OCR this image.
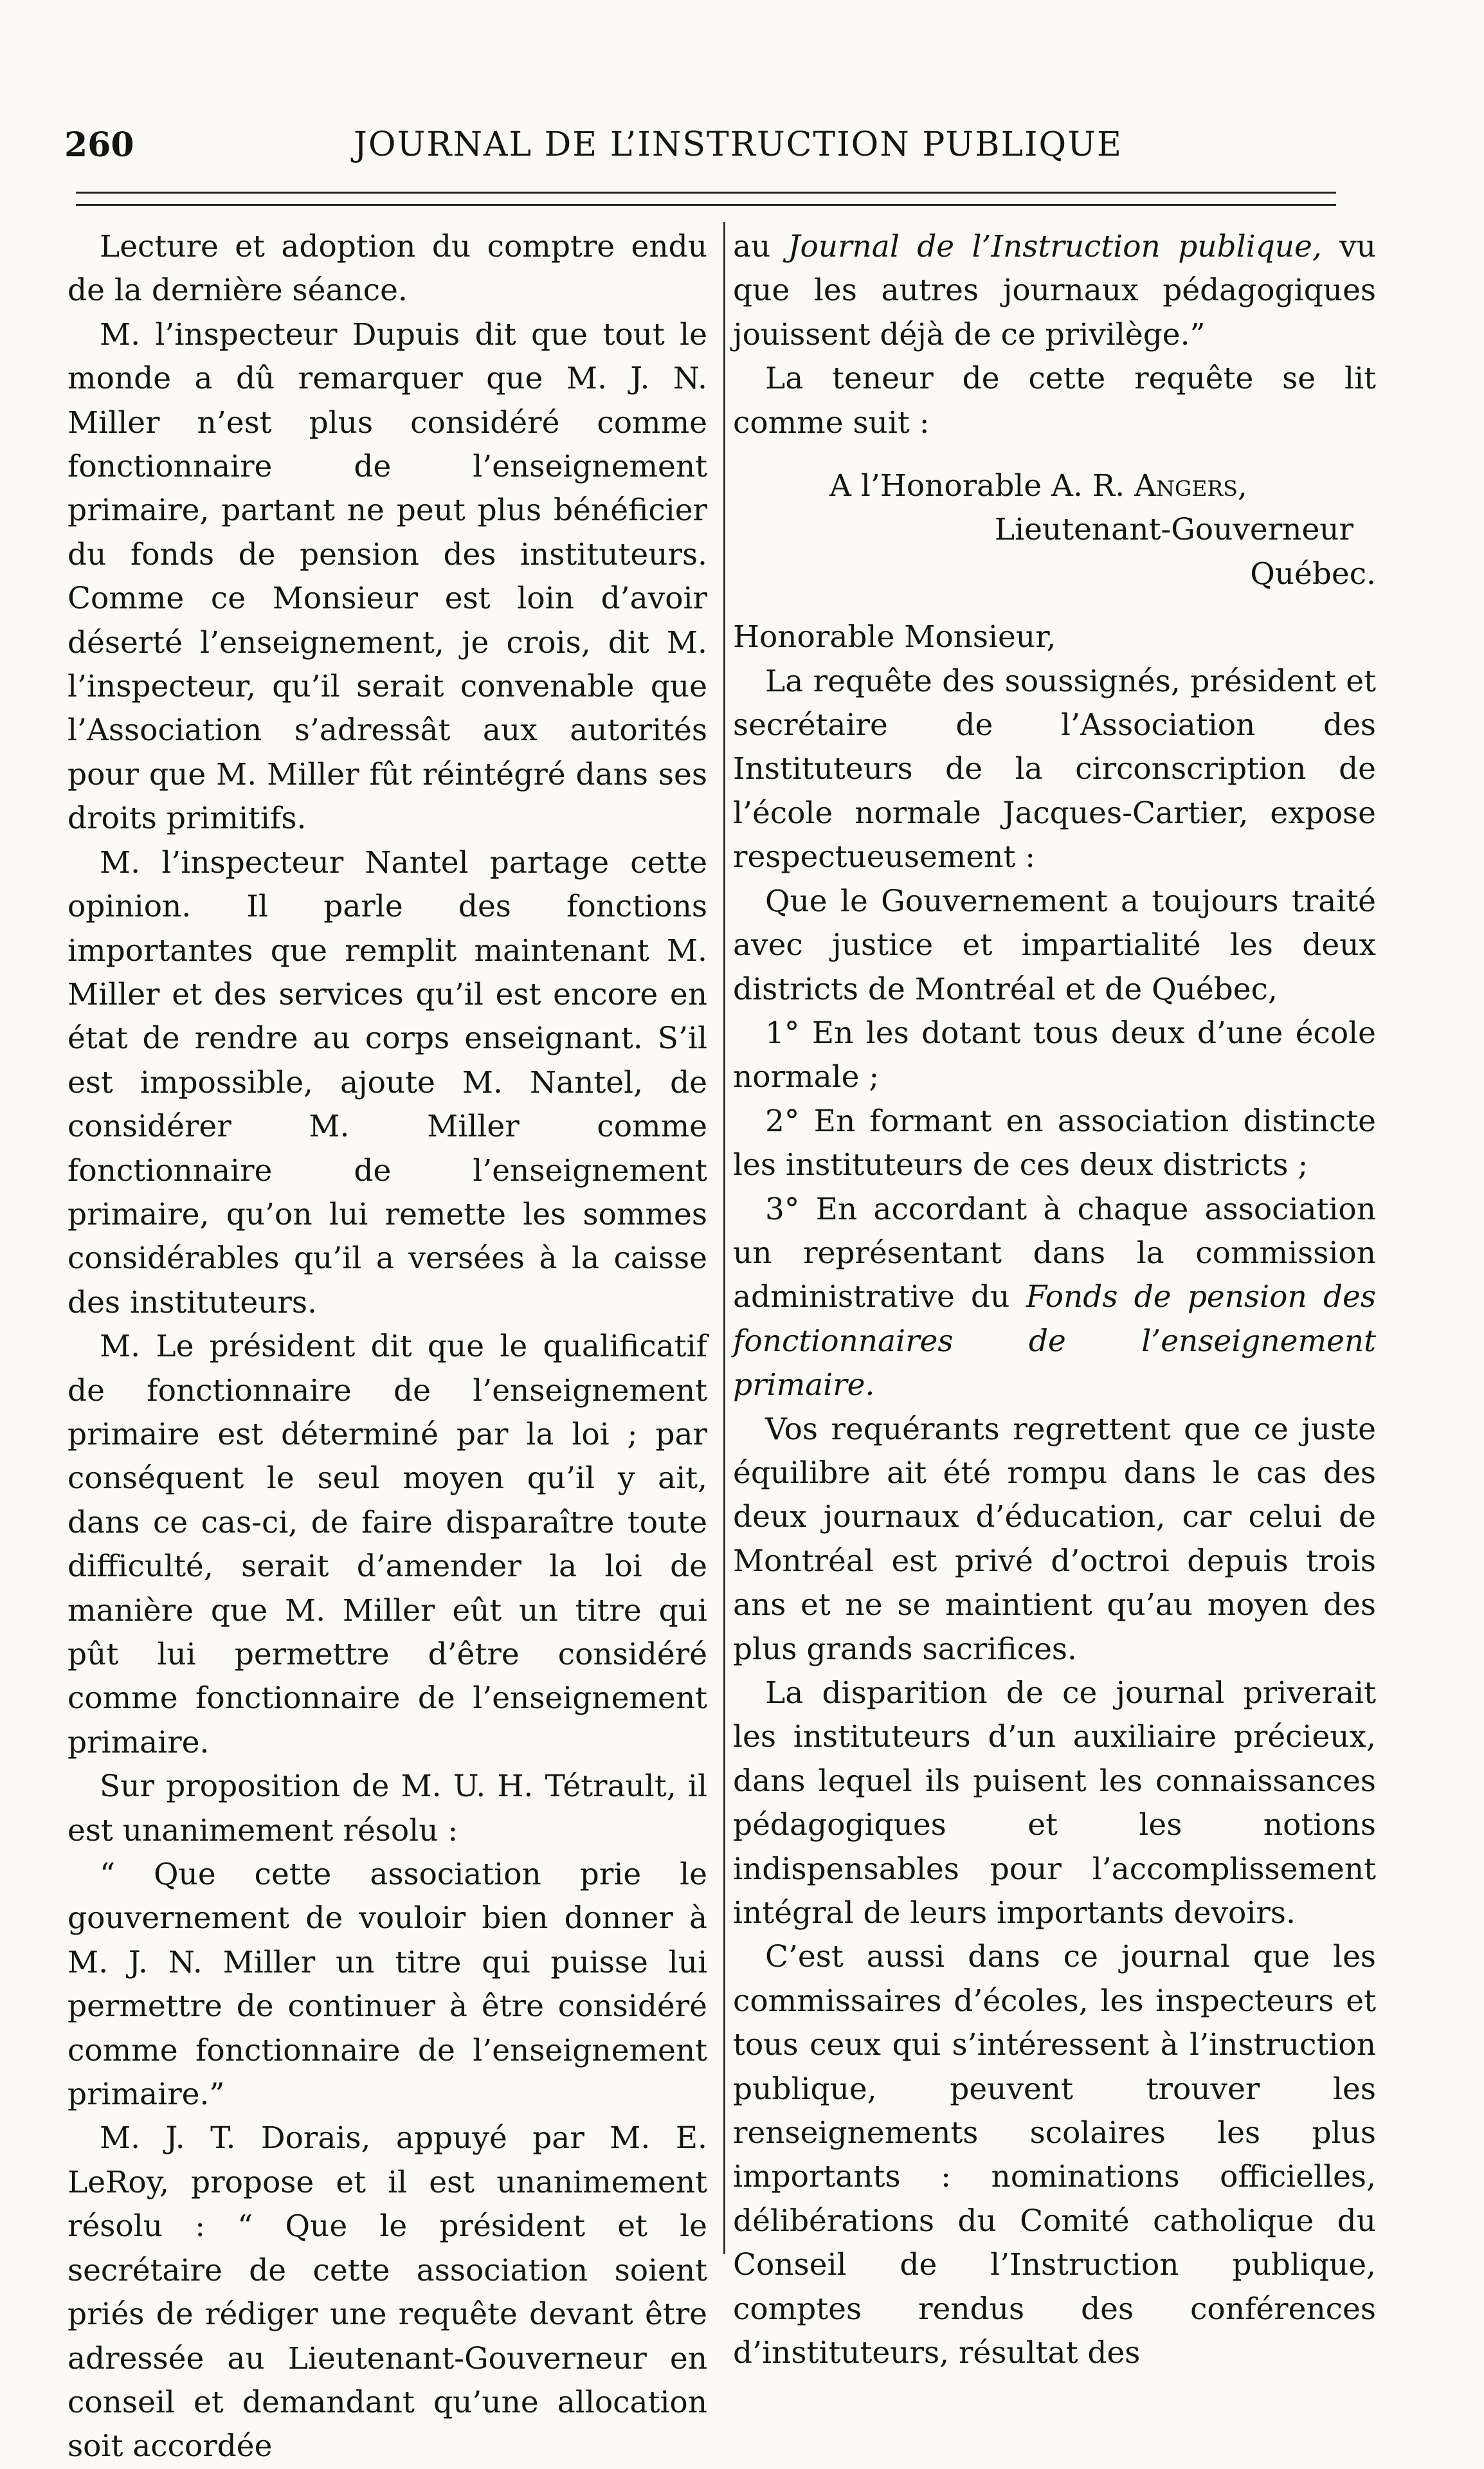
260	JOURNAL DE L’INSTRUCTION PUBLIQUE

Lecture et adoption du comptre endu de la dernière séance.

M. l’inspecteur Dupuis dit que tout le monde a dû remarquer que M. J. N. Miller n’est plus considéré comme fonctionnaire de l’enseignement primaire, partant ne peut plus bénéficier du fonds de pension des instituteurs. Comme ce Monsieur est loin d’avoir déserté l’enseignement, je crois, dit M. l’inspecteur, qu’il serait convenable que l’Association s’adressât aux autorités pour que M. Miller fût réintégré dans ses droits primitifs.

M. l’inspecteur Nantel partage cette opinion. Il parle des fonctions importantes que remplit maintenant M. Miller et des services qu’il est encore en état de rendre au corps enseignant. S’il est impossible, ajoute M. Nantel, de considérer M. Miller comme fonctionnaire de l’enseignement primaire, qu’on lui remette les sommes considérables qu’il a versées à la caisse des instituteurs.

M. Le président dit que le qualificatif de fonctionnaire de l’enseignement primaire est déterminé par la loi ; par conséquent le seul moyen qu’il y ait, dans ce cas-ci, de faire disparaître toute difficulté, serait d’amender la loi de manière que M. Miller eût un titre qui pût lui permettre d’être considéré comme fonctionnaire de l’enseignement primaire.

Sur proposition de M. U. H. Tétrault, il est unanimement résolu :

“ Que cette association prie le gouvernement de vouloir bien donner à M. J. N. Miller un titre qui puisse lui permettre de continuer à être considéré comme fonctionnaire de l’enseignement primaire.”

M. J. T. Dorais, appuyé par M. E. LeRoy, propose et il est unanimement résolu : “ Que le président et le secrétaire de cette association soient priés de rédiger une requête devant être adressée au Lieutenant-Gouverneur en conseil et demandant qu’une allocation soit accordée

au Journal de l’Instruction publique, vu que les autres journaux pédagogiques jouissent déjà de ce privilège.”

La teneur de cette requête se lit comme suit :

A l’Honorable A. R. Angers,

Lieutenant-Gouverneur

Québec.

Honorable Monsieur,

La requête des soussignés, président et secrétaire de l’Association des Instituteurs de la circonscription de l’école normale Jacques-Cartier, expose respectueusement :

Que le Gouvernement a toujours traité avec justice et impartialité les deux districts de Montréal et de Québec,

1° En les dotant tous deux d’une école normale ;

2° En formant en association distincte les instituteurs de ces deux districts ;

3° En accordant à chaque association un représentant dans la commission administrative du Fonds de pension des fonctionnaires de l’enseignement primaire.

Vos requérants regrettent que ce juste équilibre ait été rompu dans le cas des deux journaux d’éducation, car celui de Montréal est privé d’octroi depuis trois ans et ne se maintient qu’au moyen des plus grands sacrifices.

La disparition de ce journal priverait les instituteurs d’un auxiliaire précieux, dans lequel ils puisent les connaissances pédagogiques et les notions indispensables pour l’accomplissement intégral de leurs importants devoirs.

C’est aussi dans ce journal que les commissaires d’écoles, les inspecteurs et tous ceux qui s’intéressent à l’instruction publique, peuvent trouver les renseignements scolaires les plus importants : nominations officielles, délibérations du Comité catholique du Conseil de l’Instruction publique, comptes rendus des conférences d’instituteurs, résultat des
